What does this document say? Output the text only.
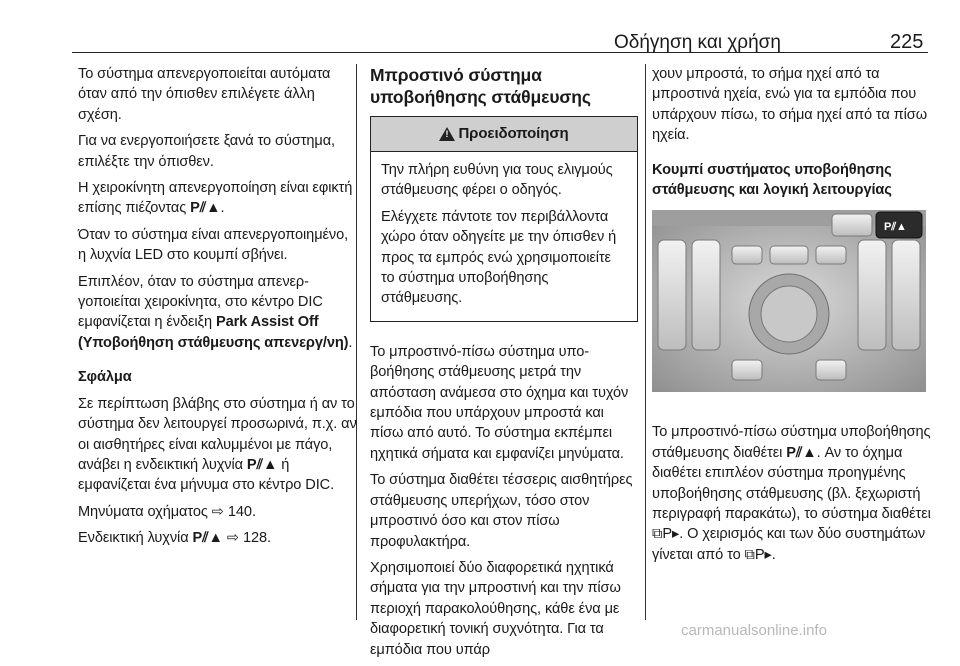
Οδήγηση και χρήση	225

Το σύστημα απενεργοποιείται αυτόματα όταν από την όπισθεν επιλέγετε άλλη σχέση.

Για να ενεργοποιήσετε ξανά το σύστημα, επιλέξτε την όπισθεν.

Η χειροκίνητη απενεργοποίηση είναι εφικτή επίσης πιέζοντας P⫽▲.

Όταν το σύστημα είναι απενεργοποιημένο, η λυχνία LED στο κουμπί σβήνει.

Επιπλέον, όταν το σύστημα απενεργοποιείται χειροκίνητα, στο κέντρο DIC εμφανίζεται η ένδειξη Park Assist Off (Υποβοήθηση στάθμευσης απενεργ/νη).

Σφάλμα

Σε περίπτωση βλάβης στο σύστημα ή αν το σύστημα δεν λειτουργεί προσωρινά, π.χ. αν οι αισθητήρες είναι καλυμμένοι με πάγο, ανάβει η ενδεικτική λυχνία P⫽▲ ή εμφανίζεται ένα μήνυμα στο κέντρο DIC.

Μηνύματα οχήματος ⇨ 140.

Ενδεικτική λυχνία P⫽▲ ⇨ 128.

Μπροστινό σύστημα υποβοήθησης στάθμευσης
! Προειδοποίηση

Την πλήρη ευθύνη για τους ελιγμούς στάθμευσης φέρει ο οδηγός.

Ελέγχετε πάντοτε τον περιβάλλοντα χώρο όταν οδηγείτε με την όπισθεν ή προς τα εμπρός ενώ χρησιμοποιείτε το σύστημα υποβοήθησης στάθμευσης.

Το μπροστινό-πίσω σύστημα υποβοήθησης στάθμευσης μετρά την απόσταση ανάμεσα στο όχημα και τυχόν εμπόδια που υπάρχουν μπροστά και πίσω από αυτό. Το σύστημα εκπέμπει ηχητικά σήματα και εμφανίζει μηνύματα.

Το σύστημα διαθέτει τέσσερις αισθητήρες στάθμευσης υπερήχων, τόσο στον μπροστινό όσο και στον πίσω προφυλακτήρα.

Χρησιμοποιεί δύο διαφορετικά ηχητικά σήματα για την μπροστινή και την πίσω περιοχή παρακολούθησης, κάθε ένα με διαφορετική τονική συχνότητα. Για τα εμπόδια που υπάρ

χουν μπροστά, το σήμα ηχεί από τα μπροστινά ηχεία, ενώ για τα εμπόδια που υπάρχουν πίσω, το σήμα ηχεί από τα πίσω ηχεία.

Κουμπί συστήματος υποβοήθησης στάθμευσης και λογική λειτουργίας

P⫽▲

Το μπροστινό-πίσω σύστημα υποβοήθησης στάθμευσης διαθέτει P⫽▲. Αν το όχημα διαθέτει επιπλέον σύστημα προηγμένης υποβοήθησης στάθμευσης (βλ. ξεχωριστή περιγραφή παρακάτω), το σύστημα διαθέτει ⧉P▸. Ο χειρισμός και των δύο συστημάτων γίνεται από το ⧉P▸.

carmanualsonline.info
